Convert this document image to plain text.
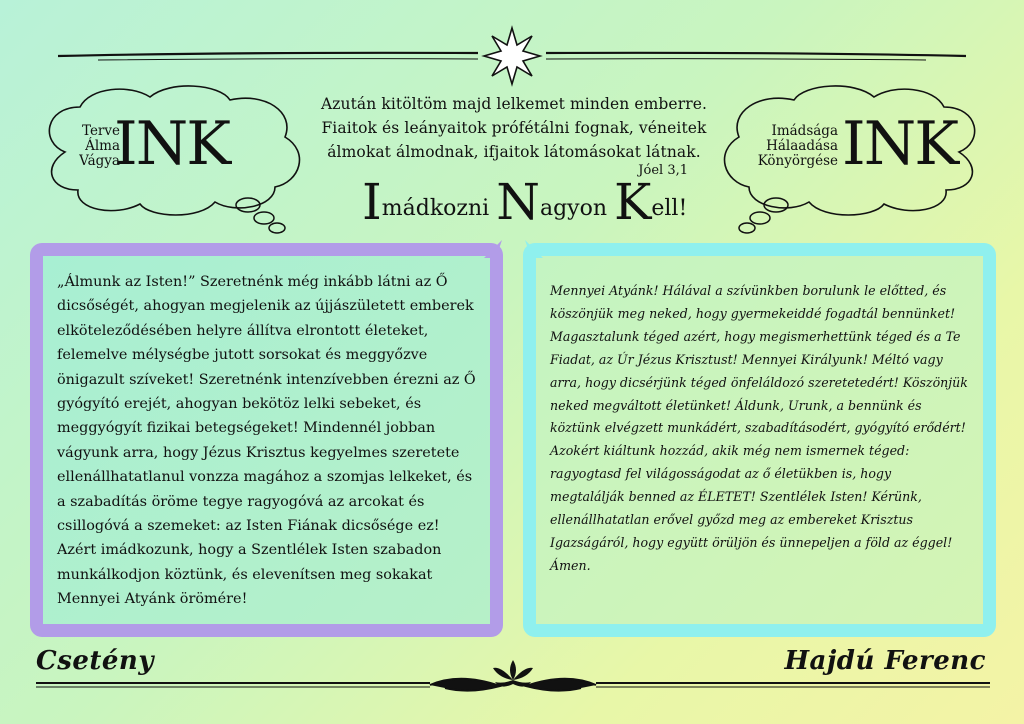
Azután kitöltöm majd lelkemet minden emberre.
Fiaitok és leányaitok prófétálni fognak, véneitek
álmokat álmodnak, ifjaitok látomásokat látnak.
Jóel 3,1
Imádkozni Nagyon Kell!
Terve
Álma
Vágya
INK	Imádsága
Hálaadása
Könyörgése INK
„Álmunk az Isten!” Szeretnénk még inkább látni az Ő dicsőségét, ahogyan megjelenik az újjászületett emberek elköteleződésében helyre állítva elrontott életeket, felemelve mélységbe jutott sorsokat és meggyőzve önigazult szíveket! Szeretnénk intenzívebben érezni az Ő gyógyító erejét, ahogyan bekötöz lelki sebeket, és meggyógyít fizikai betegségeket! Mindennél jobban vágyunk arra, hogy Jézus Krisztus kegyelmes szeretete ellenállhatatlanul vonzza magához a szomjas lelkeket, és a szabadítás öröme tegye ragyogóvá az arcokat és csillogóvá a szemeket: az Isten Fiának dicsősége ez! Azért imádkozunk, hogy a Szentlélek Isten szabadon munkálkodjon köztünk, és elevenítsen meg sokakat Mennyei Atyánk örömére!
Mennyei Atyánk! Hálával a szívünkben borulunk le előtted, és köszönjük meg neked, hogy gyermekeiddé fogadtál bennünket! Magasztalunk téged azért, hogy megismerhettünk téged és a Te Fiadat, az Úr Jézus Krisztust! Mennyei Királyunk! Méltó vagy arra, hogy dicsérjünk téged önfeláldozó szeretetedért! Köszönjük neked megváltott életünket! Áldunk, Urunk, a bennünk és köztünk elvégzett munkádért, szabadításodért, gyógyító erődért! Azokért kiáltunk hozzád, akik még nem ismernek téged: ragyogtasd fel világosságodat az ő életükben is, hogy megtalálják benned az ÉLETET! Szentlélek Isten! Kérünk, ellenállhatatlan erővel győzd meg az embereket Krisztus Igazságáról, hogy együtt örüljön és ünnepeljen a föld az éggel! Ámen.
Csetény	Hajdú Ferenc
